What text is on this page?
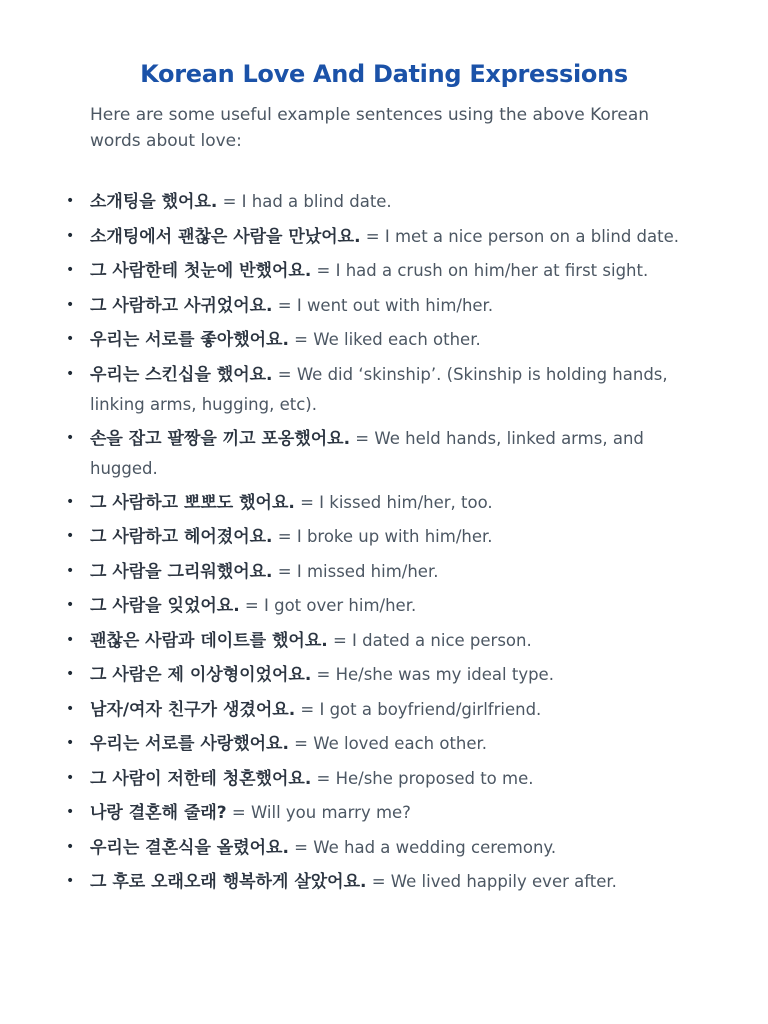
Korean Love And Dating Expressions

Here are some useful example sentences using the above Korean words about love:

• 소개팅을 했어요. = I had a blind date.
• 소개팅에서 괜찮은 사람을 만났어요. = I met a nice person on a blind date.
• 그 사람한테 첫눈에 반했어요. = I had a crush on him/her at first sight.
• 그 사람하고 사귀었어요. = I went out with him/her.
• 우리는 서로를 좋아했어요. = We liked each other.
• 우리는 스킨십을 했어요. = We did ‘skinship’. (Skinship is holding hands, linking arms, hugging, etc).
• 손을 잡고 팔짱을 끼고 포옹했어요. = We held hands, linked arms, and hugged.
• 그 사람하고 뽀뽀도 했어요. = I kissed him/her, too.
• 그 사람하고 헤어졌어요. = I broke up with him/her.
• 그 사람을 그리워했어요. = I missed him/her.
• 그 사람을 잊었어요. = I got over him/her.
• 괜찮은 사람과 데이트를 했어요. = I dated a nice person.
• 그 사람은 제 이상형이었어요. = He/she was my ideal type.
• 남자/여자 친구가 생겼어요. = I got a boyfriend/girlfriend.
• 우리는 서로를 사랑했어요. = We loved each other.
• 그 사람이 저한테 청혼했어요. = He/she proposed to me.
• 나랑 결혼해 줄래? = Will you marry me?
• 우리는 결혼식을 올렸어요. = We had a wedding ceremony.
• 그 후로 오래오래 행복하게 살았어요. = We lived happily ever after.
